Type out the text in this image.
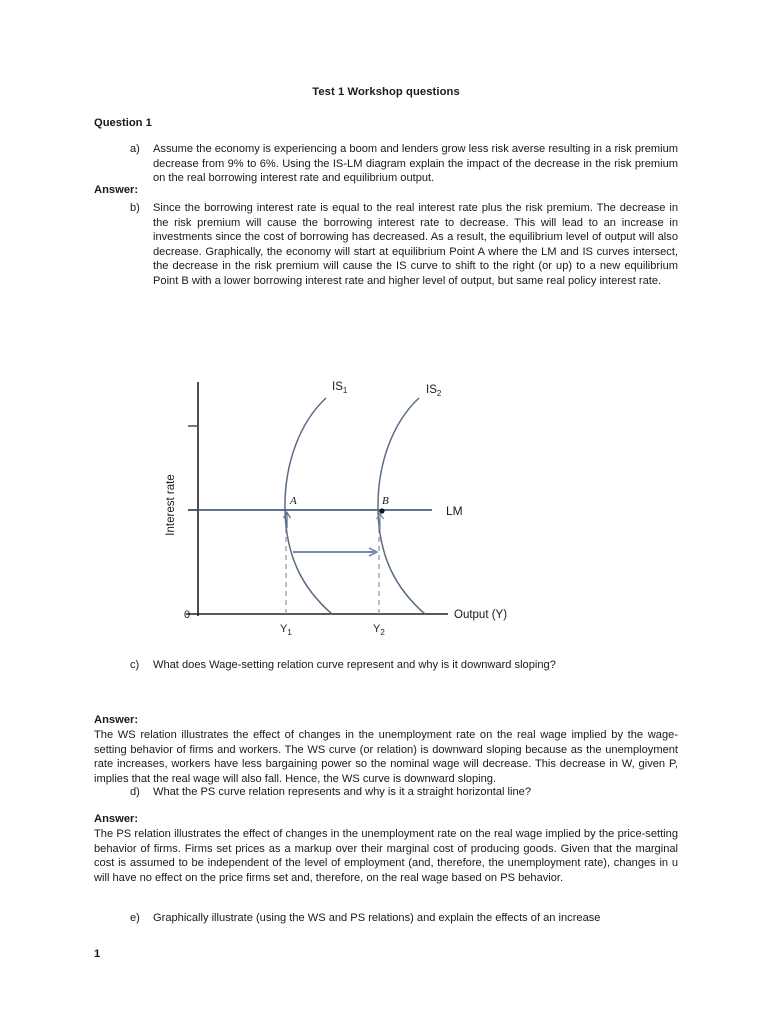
Test 1 Workshop questions
Question 1
a)	Assume the economy is experiencing a boom and lenders grow less risk averse resulting in a risk premium decrease from 9% to 6%. Using the IS-LM diagram explain the impact of the decrease in the risk premium on the real borrowing interest rate and equilibrium output.
Answer:
b)	Since the borrowing interest rate is equal to the real interest rate plus the risk premium. The decrease in the risk premium will cause the borrowing interest rate to decrease. This will lead to an increase in investments since the cost of borrowing has decreased. As a result, the equilibrium level of output will also decrease. Graphically, the economy will start at equilibrium Point A where the LM and IS curves intersect, the decrease in the risk premium will cause the IS curve to shift to the right (or up) to a new equilibrium Point B with a lower borrowing interest rate and higher level of output, but same real policy interest rate.
$IS_1$	$IS_2$
LM
A	B
0
$Y_1$	$Y_2$
Output (Y)
Interest rate
c)	What does Wage-setting relation curve represent and why is it downward sloping?
Answer:
The WS relation illustrates the effect of changes in the unemployment rate on the real wage implied by the wage-setting behavior of firms and workers. The WS curve (or relation) is downward sloping because as the unemployment rate increases, workers have less bargaining power so the nominal wage will decrease. This decrease in W, given P, implies that the real wage will also fall. Hence, the WS curve is downward sloping.
d)	What the PS curve relation represents and why is it a straight horizontal line?
Answer:
The PS relation illustrates the effect of changes in the unemployment rate on the real wage implied by the price-setting behavior of firms. Firms set prices as a markup over their marginal cost of producing goods. Given that the marginal cost is assumed to be independent of the level of employment (and, therefore, the unemployment rate), changes in u will have no effect on the price firms set and, therefore, on the real wage based on PS behavior.
e)	Graphically illustrate (using the WS and PS relations) and explain the effects of an increase
1
